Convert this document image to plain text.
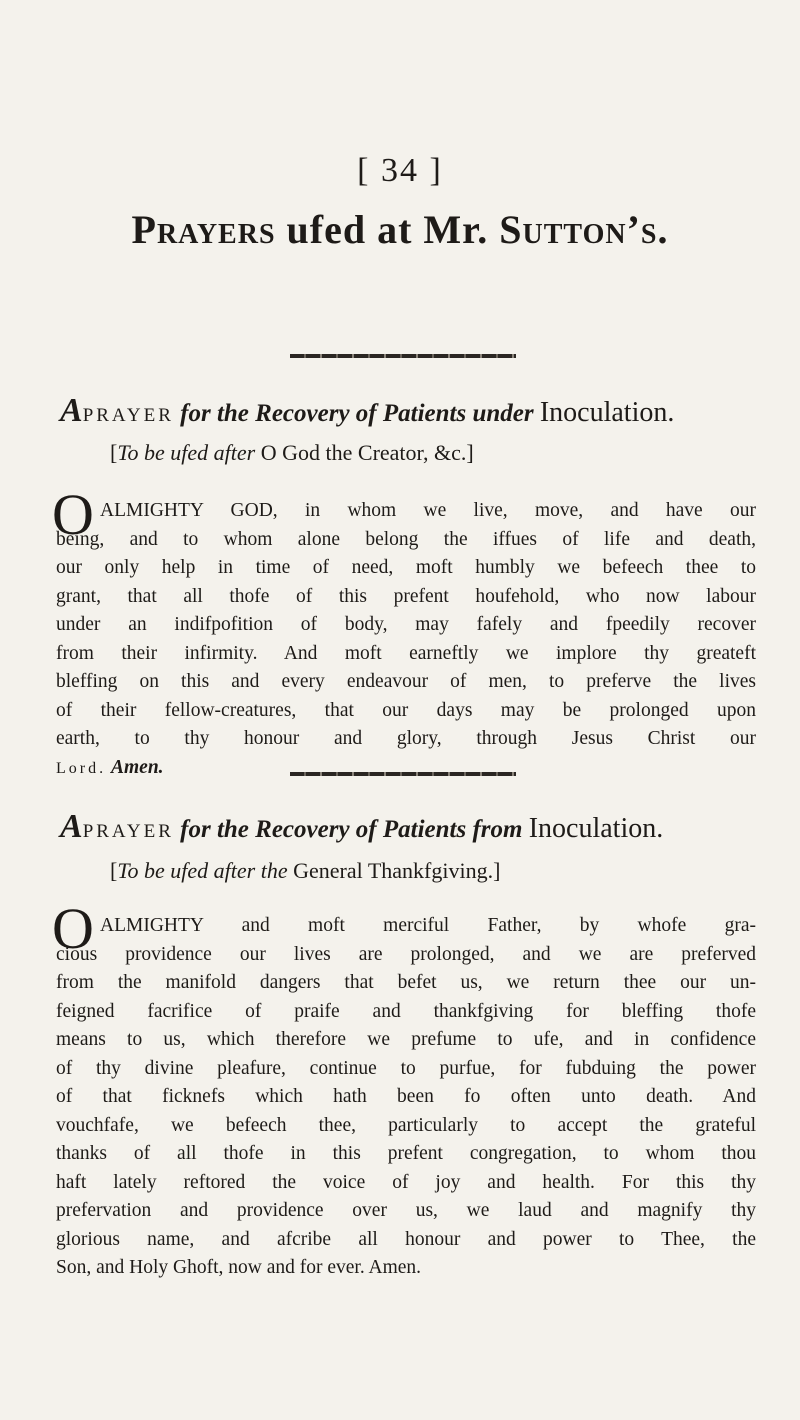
[ 34 ]
Prayers ufed at Mr. Sutton’s.
APRAYER for the Recovery of Patients under Inoculation.
[To be ufed after O God the Creator, &c.]
O ALMIGHTY GOD, in whom we live, move, and have our
being, and to whom alone belong the iffues of life and death,
our only help in time of need, moft humbly we befeech thee to
grant, that all thofe of this prefent houfehold, who now labour
under an indifpofition of body, may fafely and fpeedily recover
from their infirmity. And moft earneftly we implore thy greateft
bleffing on this and every endeavour of men, to preferve the lives
of their fellow-creatures, that our days may be prolonged upon
earth, to thy honour and glory, through Jesus Christ our
Lord. Amen.
APRAYER for the Recovery of Patients from Inoculation.
[To be ufed after the General Thankfgiving.]
O ALMIGHTY and moft merciful Father, by whofe gra-
cious providence our lives are prolonged, and we are preferved
from the manifold dangers that befet us, we return thee our un-
feigned facrifice of praife and thankfgiving for bleffing thofe
means to us, which therefore we prefume to ufe, and in confidence
of thy divine pleafure, continue to purfue, for fubduing the power
of that ficknefs which hath been fo often unto death. And
vouchfafe, we befeech thee, particularly to accept the grateful
thanks of all thofe in this prefent congregation, to whom thou
haft lately reftored the voice of joy and health. For this thy
prefervation and providence over us, we laud and magnify thy
glorious name, and afcribe all honour and power to Thee, the
Son, and Holy Ghoft, now and for ever. Amen.
